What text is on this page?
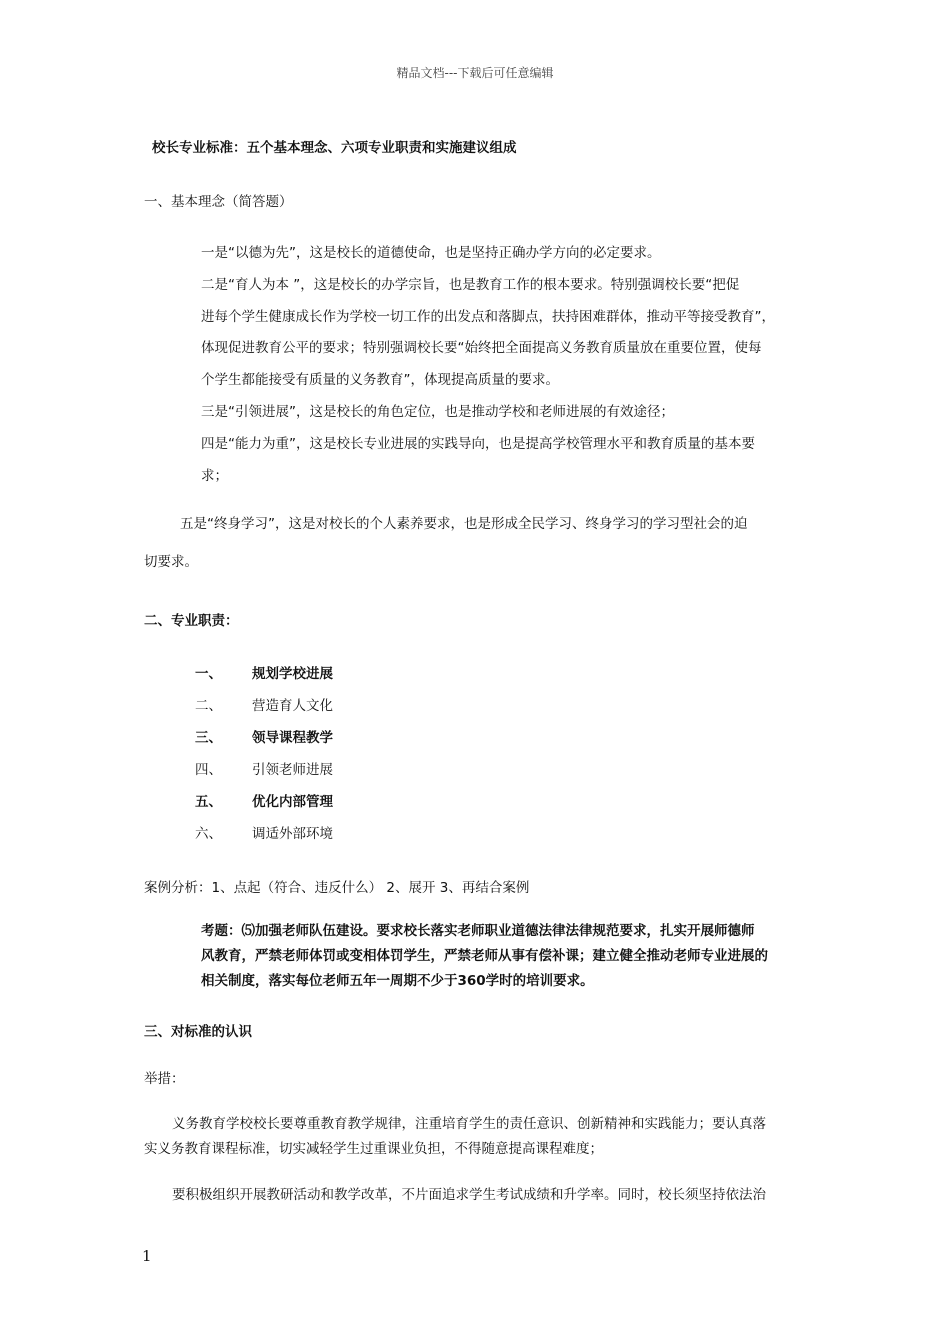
精品文档---下载后可任意编辑
校长专业标准：五个基本理念、六项专业职责和实施建议组成
一、基本理念（简答题）
一是“以德为先”，这是校长的道德使命，也是坚持正确办学方向的必定要求。
二是“育人为本 ”，这是校长的办学宗旨，也是教育工作的根本要求。特别强调校长要“把促
进每个学生健康成长作为学校一切工作的出发点和落脚点，扶持困难群体，推动平等接受教育”，
体现促进教育公平的要求；特别强调校长要“始终把全面提高义务教育质量放在重要位置，使每
个学生都能接受有质量的义务教育”，体现提高质量的要求。
三是“引领进展”，这是校长的角色定位，也是推动学校和老师进展的有效途径；
四是“能力为重”，这是校长专业进展的实践导向，也是提高学校管理水平和教育质量的基本要
求；
五是“终身学习”，这是对校长的个人素养要求，也是形成全民学习、终身学习的学习型社会的迫
切要求。
二、专业职责：
一、 规划学校进展
二、 营造育人文化
三、 领导课程教学
四、 引领老师进展
五、 优化内部管理
六、 调适外部环境
案例分析：1、点起（符合、违反什么） 2、展开 3、再结合案例
考题：⑸加强老师队伍建设。要求校长落实老师职业道德法律法律规范要求，扎实开展师德师
风教育，严禁老师体罚或变相体罚学生，严禁老师从事有偿补课；建立健全推动老师专业进展的
相关制度，落实每位老师五年一周期不少于360学时的培训要求。
三、对标准的认识
举措：
义务教育学校校长要尊重教育教学规律，注重培育学生的责任意识、创新精神和实践能力；要认真落
实义务教育课程标准，切实减轻学生过重课业负担，不得随意提高课程难度；
要积极组织开展教研活动和教学改革，不片面追求学生考试成绩和升学率。同时，校长须坚持依法治
1
